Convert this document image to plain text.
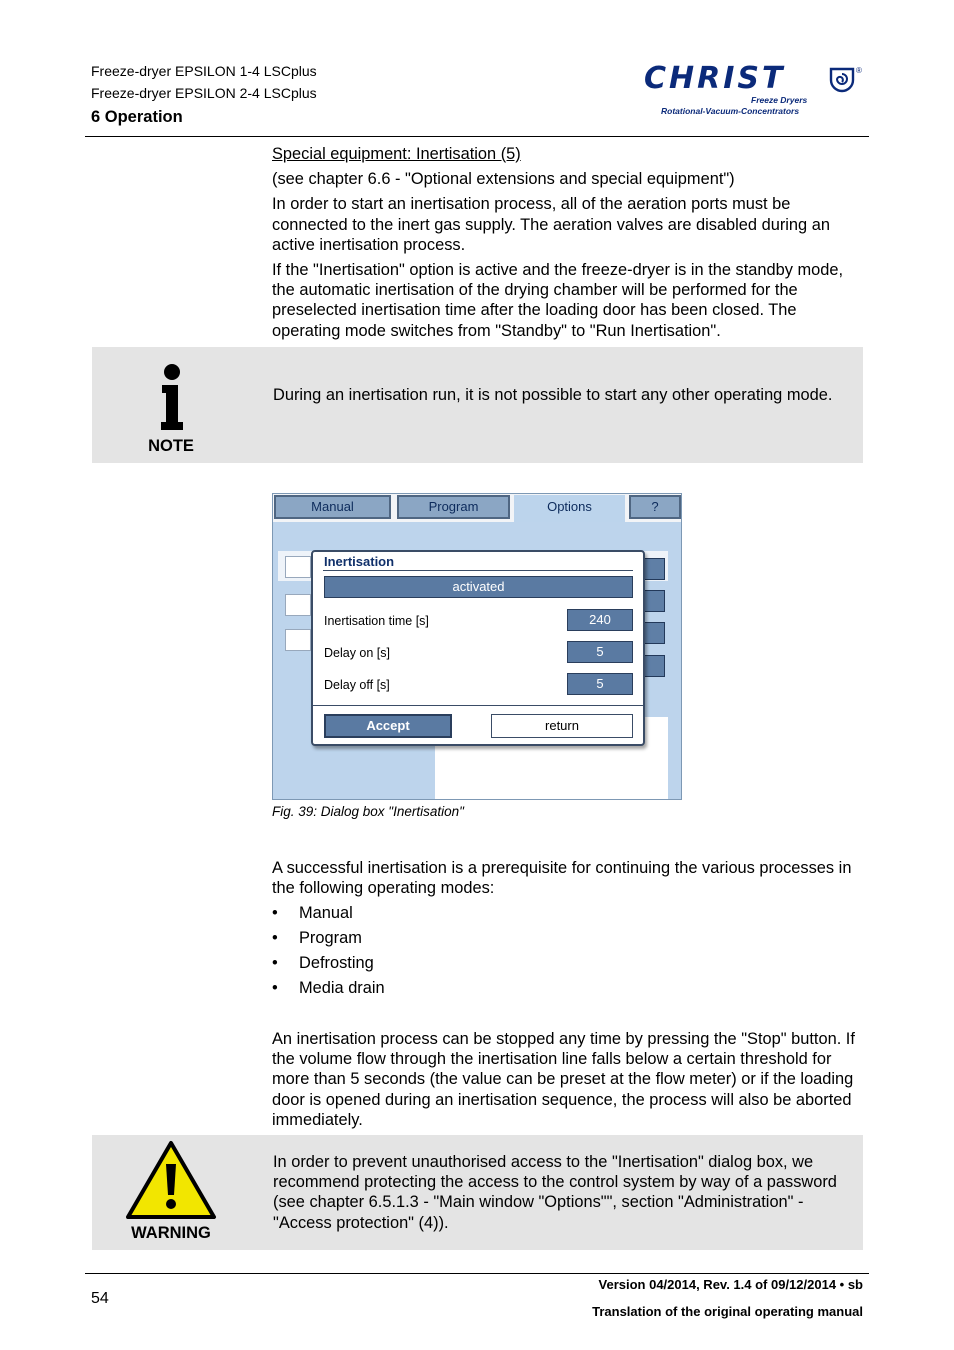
Freeze-dryer EPSILON 1-4 LSCplus
Freeze-dryer EPSILON 2-4 LSCplus
6 Operation
CHRIST	®
Freeze Dryers
Rotational-Vacuum-Concentrators

Special equipment: Inertisation (5)

(see chapter 6.6 - "Optional extensions and special equipment")

In order to start an inertisation process, all of the aeration ports must be connected to the inert gas supply. The aeration valves are disabled during an active inertisation process.

If the "Inertisation" option is active and the freeze-dryer is in the standby mode, the automatic inertisation of the drying chamber will be performed for the preselected inertisation time after the loading door has been closed. The operating mode switches from "Standby" to "Run Inertisation".

NOTE
During an inertisation run, it is not possible to start any other operating mode.
Manual	Program	Options	?
Inertisation
activated
Inertisation time [s]	240
Delay on [s]	5
Delay off [s]	5
Accept	return
Fig. 39: Dialog box "Inertisation"
A successful inertisation is a prerequisite for continuing the various processes in the following operating modes:
• Manual
• Program
• Defrosting
• Media drain
An inertisation process can be stopped any time by pressing the "Stop" button. If the volume flow through the inertisation line falls below a certain threshold for more than 5 seconds (the value can be preset at the flow meter) or if the loading door is opened during an inertisation sequence, the process will also be aborted immediately.
WARNING
In order to prevent unauthorised access to the "Inertisation" dialog box, we recommend protecting the access to the control system by way of a password (see chapter 6.5.1.3 - "Main window "Options"", section "Administration" - "Access protection" (4)).
54
Version 04/2014, Rev. 1.4 of 09/12/2014 • sb
Translation of the original operating manual
